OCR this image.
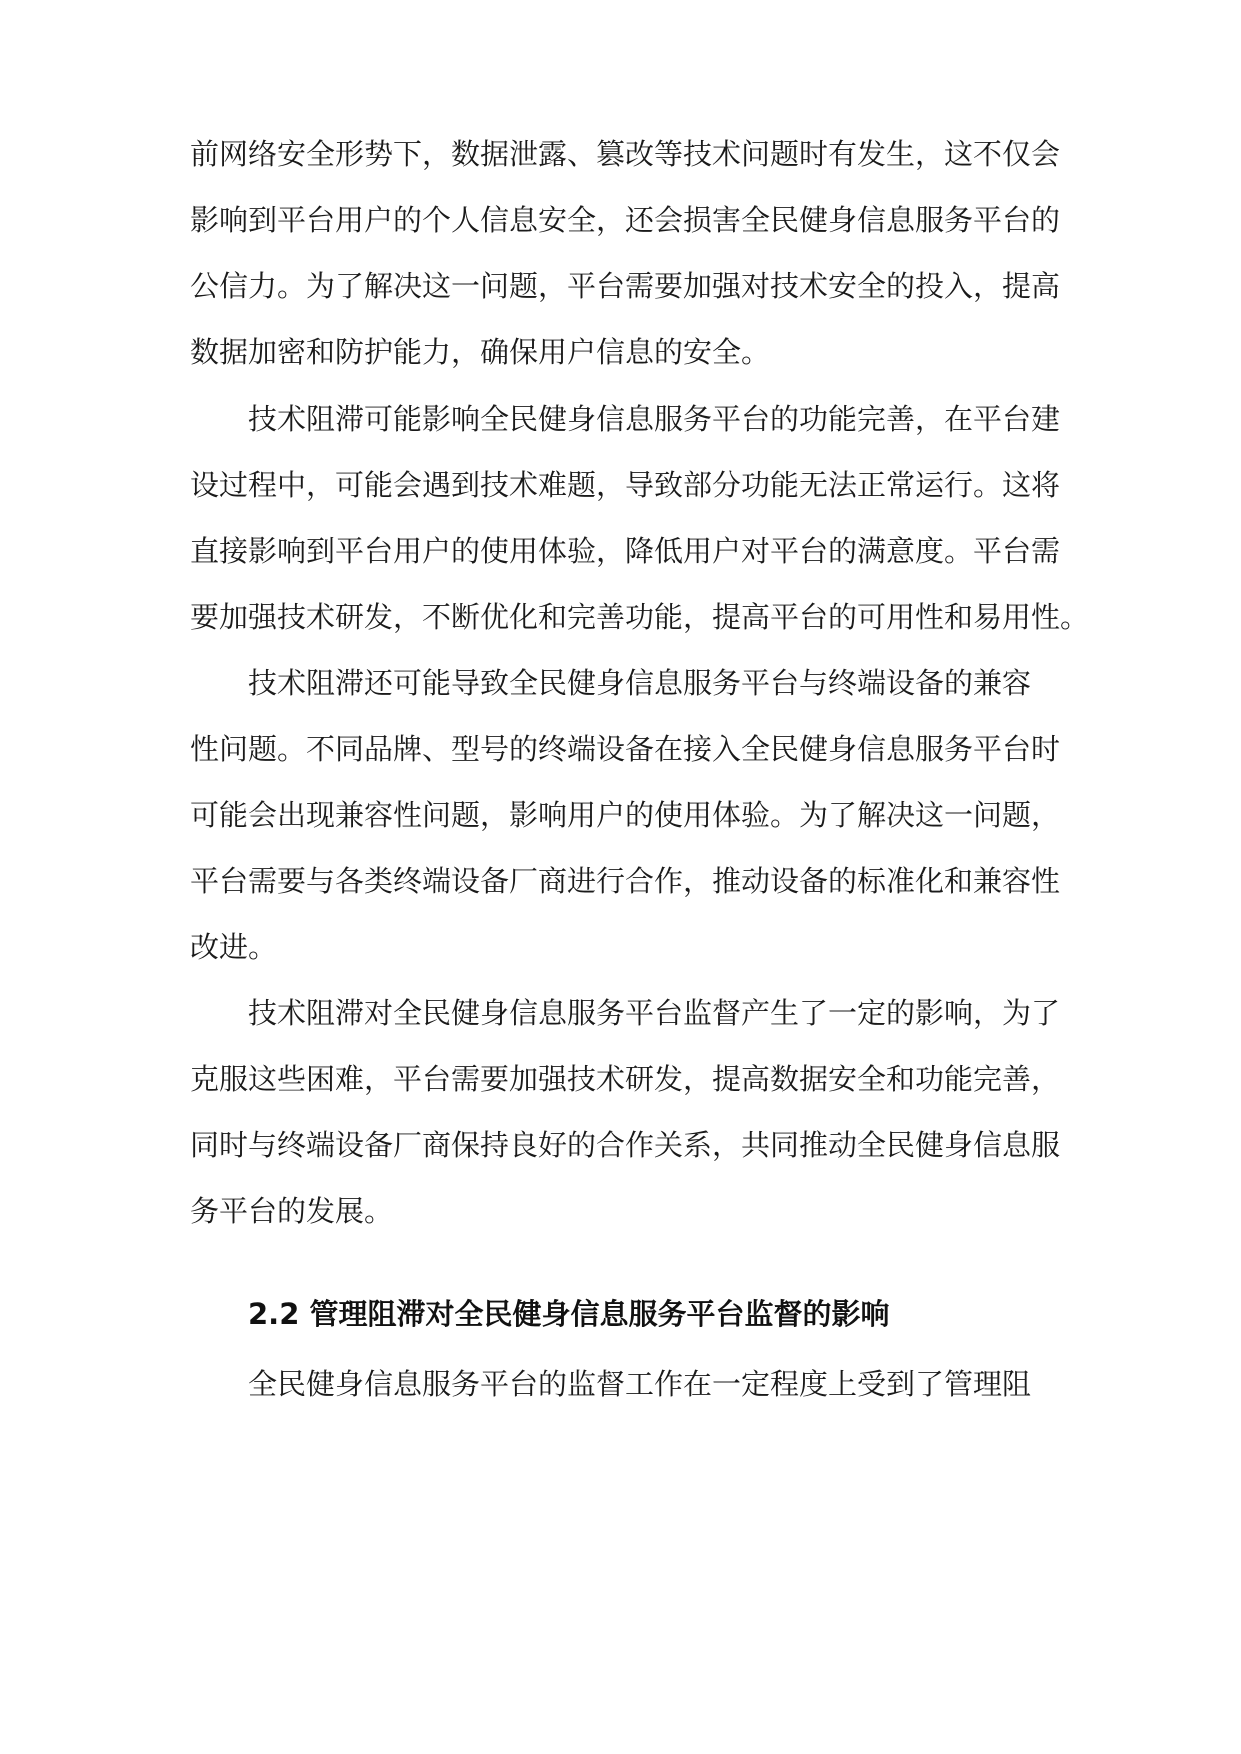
前网络安全形势下，数据泄露、篡改等技术问题时有发生，这不仅会

影响到平台用户的个人信息安全，还会损害全民健身信息服务平台的

公信力。为了解决这一问题，平台需要加强对技术安全的投入，提高

数据加密和防护能力，确保用户信息的安全。

技术阻滞可能影响全民健身信息服务平台的功能完善，在平台建

设过程中，可能会遇到技术难题，导致部分功能无法正常运行。这将

直接影响到平台用户的使用体验，降低用户对平台的满意度。平台需

要加强技术研发，不断优化和完善功能，提高平台的可用性和易用性。

技术阻滞还可能导致全民健身信息服务平台与终端设备的兼容

性问题。不同品牌、型号的终端设备在接入全民健身信息服务平台时

可能会出现兼容性问题，影响用户的使用体验。为了解决这一问题，

平台需要与各类终端设备厂商进行合作，推动设备的标准化和兼容性

改进。

技术阻滞对全民健身信息服务平台监督产生了一定的影响，为了

克服这些困难，平台需要加强技术研发，提高数据安全和功能完善，

同时与终端设备厂商保持良好的合作关系，共同推动全民健身信息服

务平台的发展。

2.2 管理阻滞对全民健身信息服务平台监督的影响

全民健身信息服务平台的监督工作在一定程度上受到了管理阻
